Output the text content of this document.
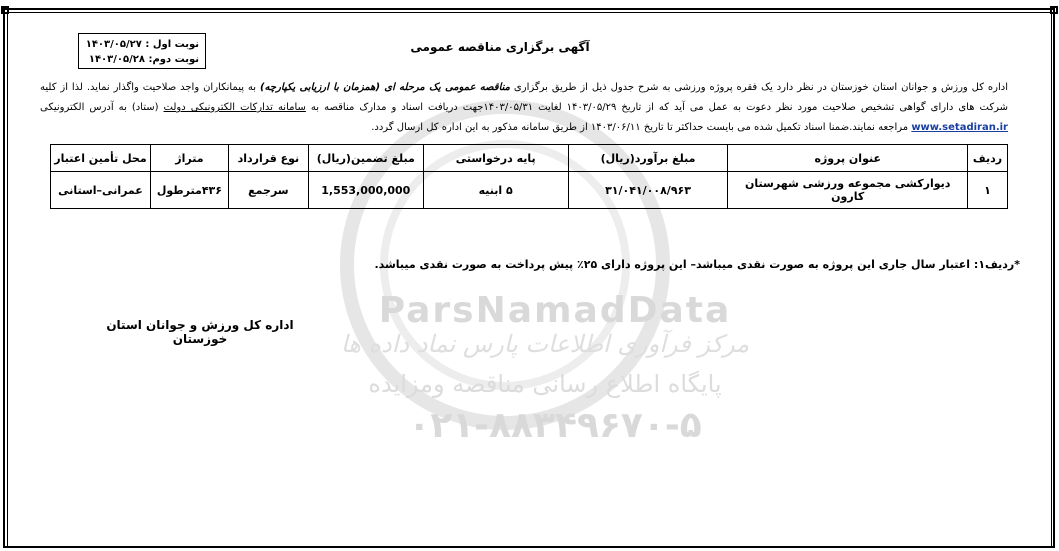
ParsNamadData
مرکز فرآوری اطلاعات پارس نماد داده ها
پایگاه اطلاع رسانی مناقصه ومزایده
۰۲۱-۸۸۳۴۹۶۷۰-۵
نوبت اول : ۱۴۰۳/۰۵/۲۷
نوبت دوم: ۱۴۰۳/۰۵/۲۸
آگهی برگزاری مناقصه عمومی
اداره کل ورزش و جوانان استان خوزستان در نظر دارد یک فقره پروژه ورزشی به شرح جدول ذیل از طریق برگزاری مناقصه عمومی یک مرحله ای (همزمان با ارزیابی یکپارچه) به پیمانکاران واجد صلاحیت واگذار نماید. لذا از کلیه شرکت های دارای گواهی تشخیص صلاحیت مورد نظر دعوت به عمل می آید که از تاریخ ۱۴۰۳/۰۵/۲۹ لغایت ۱۴۰۳/۰۵/۳۱جهت دریافت اسناد و مدارک مناقصه به سامانه تدارکات الکترونیکی دولت (ستاد) به آدرس الکترونیکی www.setadiran.ir مراجعه نمایند.ضمنا اسناد تکمیل شده می بایست حداکثر تا تاریخ ۱۴۰۳/۰۶/۱۱ از طریق سامانه مذکور به این اداره کل ارسال گردد.
ردیف	عنوان پروژه	مبلغ برآورد(ریال)	پایه درخواستی	مبلغ تضمین(ریال)	نوع قرارداد	متراژ	محل تأمین اعتبار
۱	دیوارکشی مجموعه ورزشی شهرستان کارون	۳۱/۰۴۱/۰۰۸/۹۶۳	۵ ابنیه	1,553,000,000	سرجمع	۴۳۶مترطول	عمرانی–استانی
*ردیف۱: اعتبار سال جاری این پروژه به صورت نقدی میباشد– این پروژه دارای ۲۵٪ پیش پرداخت به صورت نقدی میباشد.
اداره کل ورزش و جوانان استان خوزستان
